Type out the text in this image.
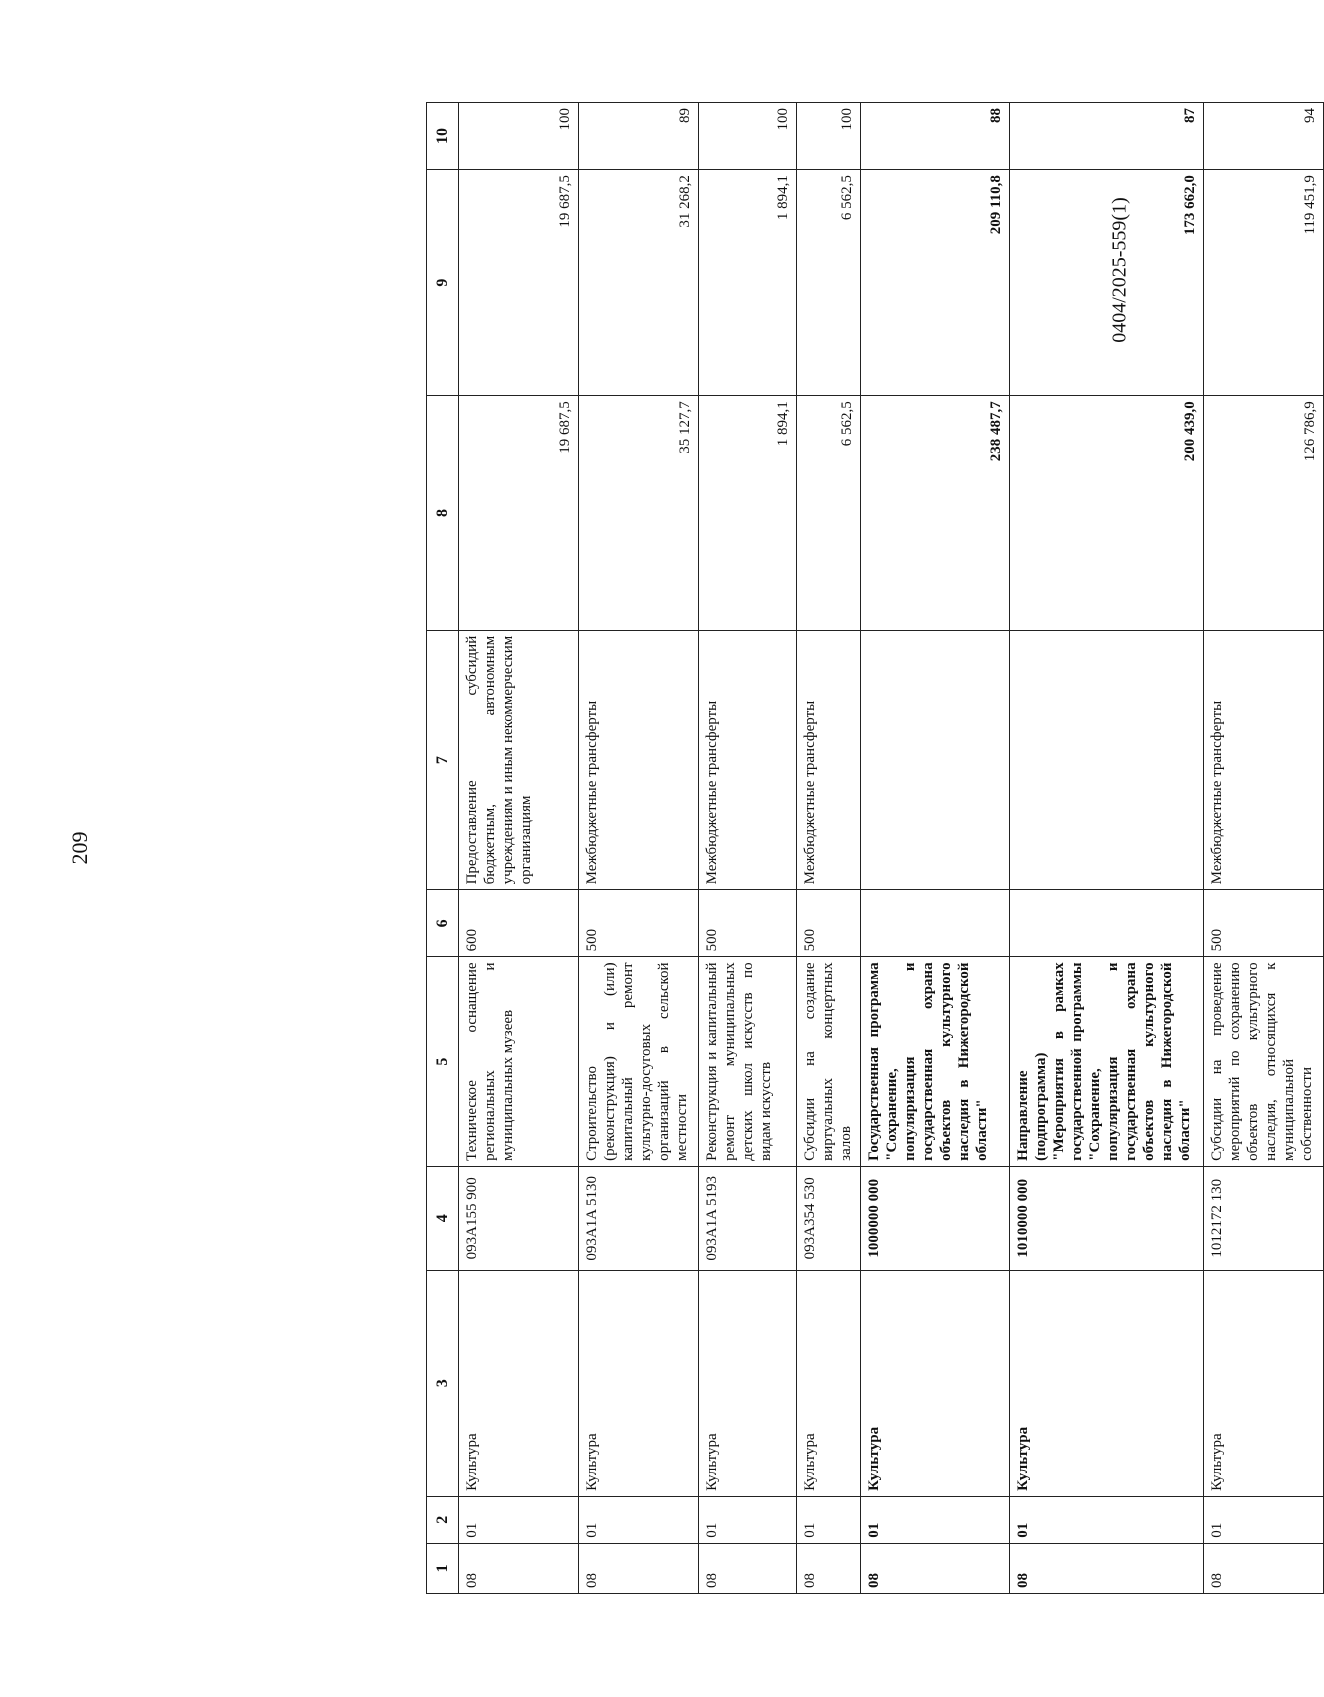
209
0404/2025-559(1)
1	2	3	4	5	6	7	8	9	10
08	01	Культура	093A155 900	Техническое оснащение региональных и муниципальных музеев	600	Предоставление субсидий бюджетным, автономным учреждениям и иным некоммерческим организациям	19 687,5	19 687,5	100
08	01	Культура	093A1A 5130	Строительство (реконструкция) и (или) капитальный ремонт культурно-досуговых организаций в сельской местности	500	Межбюджетные трансферты	35 127,7	31 268,2	89
08	01	Культура	093A1A 5193	Реконструкция и капитальный ремонт муниципальных детских школ искусств по видам искусств	500	Межбюджетные трансферты	1 894,1	1 894,1	100
08	01	Культура	093A354 530	Субсидии на создание виртуальных концертных залов	500	Межбюджетные трансферты	6 562,5	6 562,5	100
08	01	Культура	1000000 000	Государственная программа "Сохранение, популяризация и государственная охрана объектов культурного наследия в Нижегородской области"			238 487,7	209 110,8	88
08	01	Культура	1010000 000	Направление (подпрограмма) "Мероприятия в рамках государственной программы "Сохранение, популяризация и государственная охрана объектов культурного наследия в Нижегородской области"			200 439,0	173 662,0	87
08	01	Культура	1012172 130	Субсидии на проведение мероприятий по сохранению объектов культурного наследия, относящихся к муниципальной собственности	500	Межбюджетные трансферты	126 786,9	119 451,9	94
